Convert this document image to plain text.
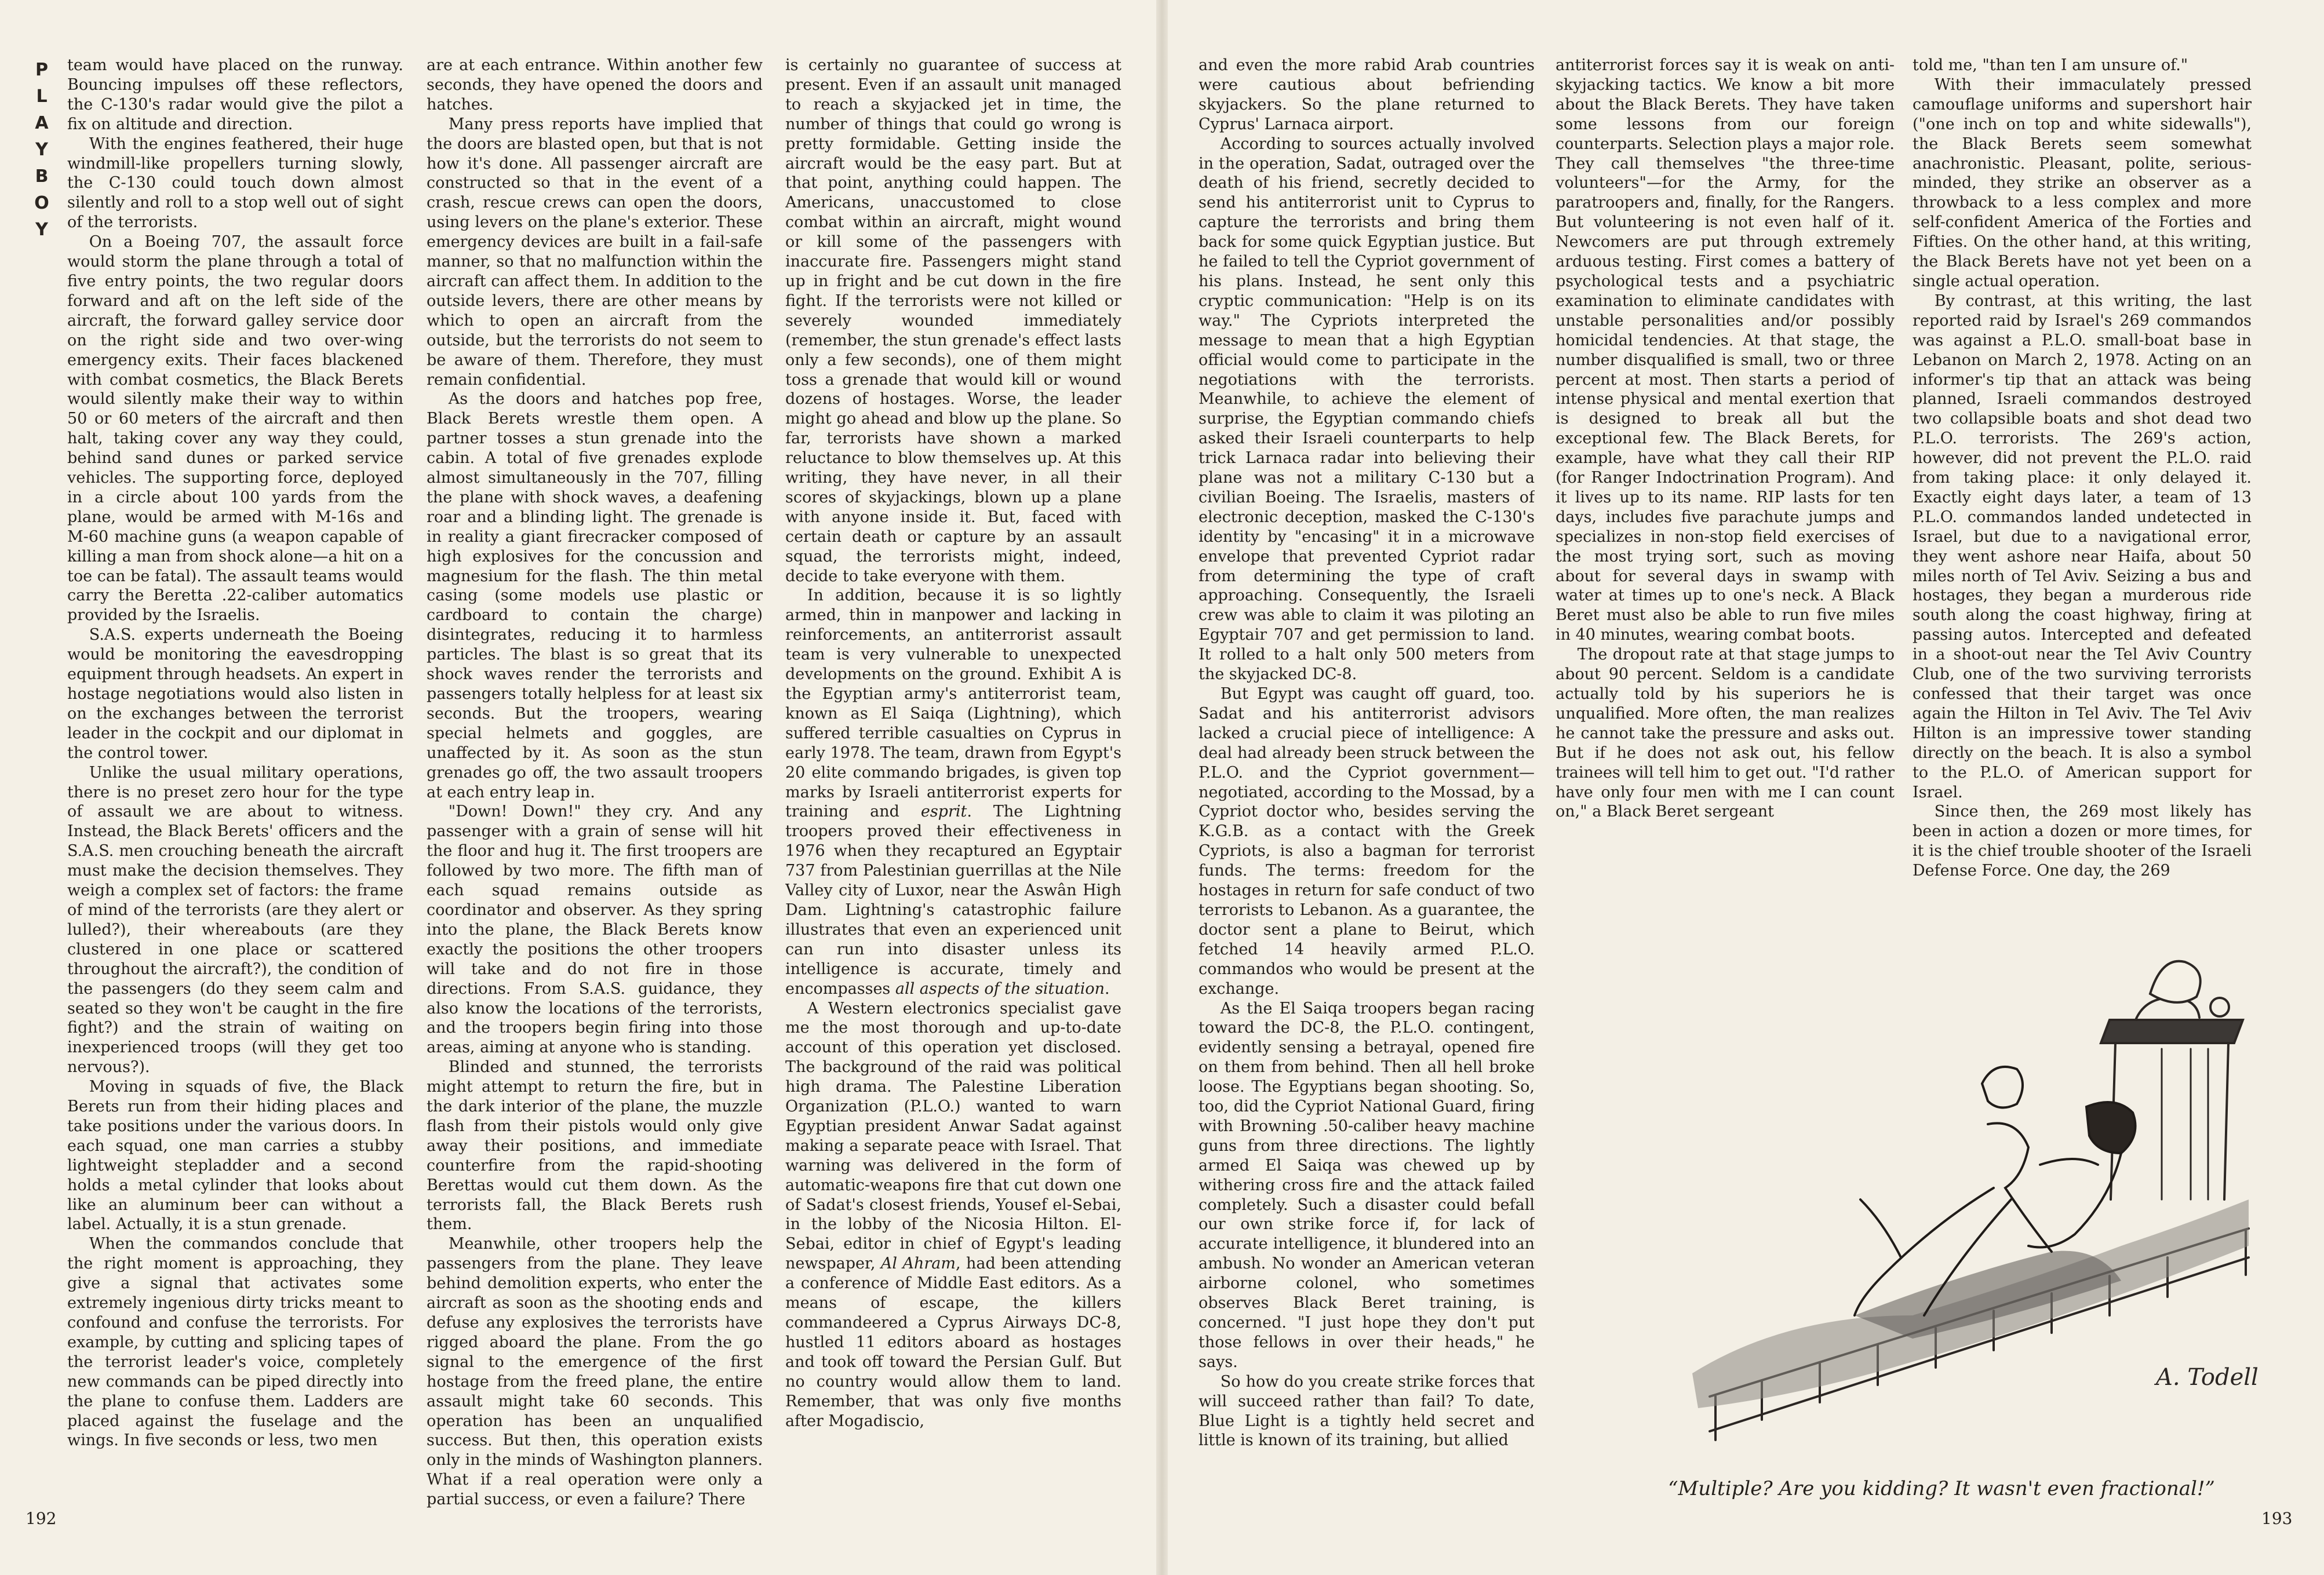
P
L
A
Y
B
O
Y

team would have placed on the runway. Bouncing impulses off these reflectors, the C-130's radar would give the pilot a fix on altitude and direction.

With the engines feathered, their huge windmill-like propellers turning slowly, the C-130 could touch down almost silently and roll to a stop well out of sight of the terrorists.

On a Boeing 707, the assault force would storm the plane through a total of five entry points, the two regular doors forward and aft on the left side of the aircraft, the forward galley service door on the right side and two over-wing emergency exits. Their faces blackened with combat cosmetics, the Black Berets would silently make their way to within 50 or 60 meters of the aircraft and then halt, taking cover any way they could, behind sand dunes or parked service vehicles. The supporting force, deployed in a circle about 100 yards from the plane, would be armed with M-16s and M-60 machine guns (a weapon capable of killing a man from shock alone—a hit on a toe can be fatal). The assault teams would carry the Beretta .22-caliber automatics provided by the Israelis.

S.A.S. experts underneath the Boeing would be monitoring the eavesdropping equipment through headsets. An expert in hostage negotiations would also listen in on the exchanges between the terrorist leader in the cockpit and our diplomat in the control tower.

Unlike the usual military operations, there is no preset zero hour for the type of assault we are about to witness. Instead, the Black Berets' officers and the S.A.S. men crouching beneath the aircraft must make the decision themselves. They weigh a complex set of factors: the frame of mind of the terrorists (are they alert or lulled?), their whereabouts (are they clustered in one place or scattered throughout the aircraft?), the condition of the passengers (do they seem calm and seated so they won't be caught in the fire fight?) and the strain of waiting on inexperienced troops (will they get too nervous?).

Moving in squads of five, the Black Berets run from their hiding places and take positions under the various doors. In each squad, one man carries a stubby lightweight stepladder and a second holds a metal cylinder that looks about like an aluminum beer can without a label. Actually, it is a stun grenade.

When the commandos conclude that the right moment is approaching, they give a signal that activates some extremely ingenious dirty tricks meant to confound and confuse the terrorists. For example, by cutting and splicing tapes of the terrorist leader's voice, completely new commands can be piped directly into the plane to confuse them. Ladders are placed against the fuselage and the wings. In five seconds or less, two men

are at each entrance. Within another few seconds, they have opened the doors and hatches.

Many press reports have implied that the doors are blasted open, but that is not how it's done. All passenger aircraft are constructed so that in the event of a crash, rescue crews can open the doors, using levers on the plane's exterior. These emergency devices are built in a fail-safe manner, so that no malfunction within the aircraft can affect them. In addition to the outside levers, there are other means by which to open an aircraft from the outside, but the terrorists do not seem to be aware of them. Therefore, they must remain confidential.

As the doors and hatches pop free, Black Berets wrestle them open. A partner tosses a stun grenade into the cabin. A total of five grenades explode almost simultaneously in the 707, filling the plane with shock waves, a deafening roar and a blinding light. The grenade is in reality a giant firecracker composed of high explosives for the concussion and magnesium for the flash. The thin metal casing (some models use plastic or cardboard to contain the charge) disintegrates, reducing it to harmless particles. The blast is so great that its shock waves render the terrorists and passengers totally helpless for at least six seconds. But the troopers, wearing special helmets and goggles, are unaffected by it. As soon as the stun grenades go off, the two assault troopers at each entry leap in.

"Down! Down!" they cry. And any passenger with a grain of sense will hit the floor and hug it. The first troopers are followed by two more. The fifth man of each squad remains outside as coordinator and observer. As they spring into the plane, the Black Berets know exactly the positions the other troopers will take and do not fire in those directions. From S.A.S. guidance, they also know the locations of the terrorists, and the troopers begin firing into those areas, aiming at anyone who is standing.

Blinded and stunned, the terrorists might attempt to return the fire, but in the dark interior of the plane, the muzzle flash from their pistols would only give away their positions, and immediate counterfire from the rapid-shooting Berettas would cut them down. As the terrorists fall, the Black Berets rush them.

Meanwhile, other troopers help the passengers from the plane. They leave behind demolition experts, who enter the aircraft as soon as the shooting ends and defuse any explosives the terrorists have rigged aboard the plane. From the go signal to the emergence of the first hostage from the freed plane, the entire assault might take 60 seconds. This operation has been an unqualified success. But then, this operation exists only in the minds of Washington planners. What if a real operation were only a partial success, or even a failure? There

is certainly no guarantee of success at present. Even if an assault unit managed to reach a skyjacked jet in time, the number of things that could go wrong is pretty formidable. Getting inside the aircraft would be the easy part. But at that point, anything could happen. The Americans, unaccustomed to close combat within an aircraft, might wound or kill some of the passengers with inaccurate fire. Passengers might stand up in fright and be cut down in the fire fight. If the terrorists were not killed or severely wounded immediately (remember, the stun grenade's effect lasts only a few seconds), one of them might toss a grenade that would kill or wound dozens of hostages. Worse, the leader might go ahead and blow up the plane. So far, terrorists have shown a marked reluctance to blow themselves up. At this writing, they have never, in all their scores of skyjackings, blown up a plane with anyone inside it. But, faced with certain death or capture by an assault squad, the terrorists might, indeed, decide to take everyone with them.

In addition, because it is so lightly armed, thin in manpower and lacking in reinforcements, an antiterrorist assault team is very vulnerable to unexpected developments on the ground. Exhibit A is the Egyptian army's antiterrorist team, known as El Saiqa (Lightning), which suffered terrible casualties on Cyprus in early 1978. The team, drawn from Egypt's 20 elite commando brigades, is given top marks by Israeli antiterrorist experts for training and esprit. The Lightning troopers proved their effectiveness in 1976 when they recaptured an Egyptair 737 from Palestinian guerrillas at the Nile Valley city of Luxor, near the Aswân High Dam. Lightning's catastrophic failure illustrates that even an experienced unit can run into disaster unless its intelligence is accurate, timely and encompasses all aspects of the situation.

A Western electronics specialist gave me the most thorough and up-to-date account of this operation yet disclosed. The background of the raid was political high drama. The Palestine Liberation Organization (P.L.O.) wanted to warn Egyptian president Anwar Sadat against making a separate peace with Israel. That warning was delivered in the form of automatic-weapons fire that cut down one of Sadat's closest friends, Yousef el-Sebai, in the lobby of the Nicosia Hilton. El-Sebai, editor in chief of Egypt's leading newspaper, Al Ahram, had been attending a conference of Middle East editors. As a means of escape, the killers commandeered a Cyprus Airways DC-8, hustled 11 editors aboard as hostages and took off toward the Persian Gulf. But no country would allow them to land. Remember, that was only five months after Mogadiscio,

and even the more rabid Arab countries were cautious about befriending skyjackers. So the plane returned to Cyprus' Larnaca airport.

According to sources actually involved in the operation, Sadat, outraged over the death of his friend, secretly decided to send his antiterrorist unit to Cyprus to capture the terrorists and bring them back for some quick Egyptian justice. But he failed to tell the Cypriot government of his plans. Instead, he sent only this cryptic communication: "Help is on its way." The Cypriots interpreted the message to mean that a high Egyptian official would come to participate in the negotiations with the terrorists. Meanwhile, to achieve the element of surprise, the Egyptian commando chiefs asked their Israeli counterparts to help trick Larnaca radar into believing their plane was not a military C-130 but a civilian Boeing. The Israelis, masters of electronic deception, masked the C-130's identity by "encasing" it in a microwave envelope that prevented Cypriot radar from determining the type of craft approaching. Consequently, the Israeli crew was able to claim it was piloting an Egyptair 707 and get permission to land. It rolled to a halt only 500 meters from the skyjacked DC-8.

But Egypt was caught off guard, too. Sadat and his antiterrorist advisors lacked a crucial piece of intelligence: A deal had already been struck between the P.L.O. and the Cypriot government—negotiated, according to the Mossad, by a Cypriot doctor who, besides serving the K.G.B. as a contact with the Greek Cypriots, is also a bagman for terrorist funds. The terms: freedom for the hostages in return for safe conduct of two terrorists to Lebanon. As a guarantee, the doctor sent a plane to Beirut, which fetched 14 heavily armed P.L.O. commandos who would be present at the exchange.

As the El Saiqa troopers began racing toward the DC-8, the P.L.O. contingent, evidently sensing a betrayal, opened fire on them from behind. Then all hell broke loose. The Egyptians began shooting. So, too, did the Cypriot National Guard, firing with Browning .50-caliber heavy machine guns from three directions. The lightly armed El Saiqa was chewed up by withering cross fire and the attack failed completely. Such a disaster could befall our own strike force if, for lack of accurate intelligence, it blundered into an ambush. No wonder an American veteran airborne colonel, who sometimes observes Black Beret training, is concerned. "I just hope they don't put those fellows in over their heads," he says.

So how do you create strike forces that will succeed rather than fail? To date, Blue Light is a tightly held secret and little is known of its training, but allied

antiterrorist forces say it is weak on anti-skyjacking tactics. We know a bit more about the Black Berets. They have taken some lessons from our foreign counterparts. Selection plays a major role. They call themselves "the three-time volunteers"—for the Army, for the paratroopers and, finally, for the Rangers. But volunteering is not even half of it. Newcomers are put through extremely arduous testing. First comes a battery of psychological tests and a psychiatric examination to eliminate candidates with unstable personalities and/or possibly homicidal tendencies. At that stage, the number disqualified is small, two or three percent at most. Then starts a period of intense physical and mental exertion that is designed to break all but the exceptional few. The Black Berets, for example, have what they call their RIP (for Ranger Indoctrination Program). And it lives up to its name. RIP lasts for ten days, includes five parachute jumps and specializes in non-stop field exercises of the most trying sort, such as moving about for several days in swamp with water at times up to one's neck. A Black Beret must also be able to run five miles in 40 minutes, wearing combat boots.

The dropout rate at that stage jumps to about 90 percent. Seldom is a candidate actually told by his superiors he is unqualified. More often, the man realizes he cannot take the pressure and asks out. But if he does not ask out, his fellow trainees will tell him to get out. "I'd rather have only four men with me I can count on," a Black Beret sergeant

told me, "than ten I am unsure of."

With their immaculately pressed camouflage uniforms and supershort hair ("one inch on top and white sidewalls"), the Black Berets seem somewhat anachronistic. Pleasant, polite, serious-minded, they strike an observer as a throwback to a less complex and more self-confident America of the Forties and Fifties. On the other hand, at this writing, the Black Berets have not yet been on a single actual operation.

By contrast, at this writing, the last reported raid by Israel's 269 commandos was against a P.L.O. small-boat base in Lebanon on March 2, 1978. Acting on an informer's tip that an attack was being planned, Israeli commandos destroyed two collapsible boats and shot dead two P.L.O. terrorists. The 269's action, however, did not prevent the P.L.O. raid from taking place: it only delayed it. Exactly eight days later, a team of 13 P.L.O. commandos landed undetected in Israel, but due to a navigational error, they went ashore near Haifa, about 50 miles north of Tel Aviv. Seizing a bus and hostages, they began a murderous ride south along the coast highway, firing at passing autos. Intercepted and defeated in a shoot-out near the Tel Aviv Country Club, one of the two surviving terrorists confessed that their target was once again the Hilton in Tel Aviv. The Tel Aviv Hilton is an impressive tower standing directly on the beach. It is also a symbol to the P.L.O. of American support for Israel.

Since then, the 269 most likely has been in action a dozen or more times, for it is the chief trouble shooter of the Israeli Defense Force. One day, the 269

192	193
A. Todell
“Multiple? Are you kidding? It wasn't even fractional!”
